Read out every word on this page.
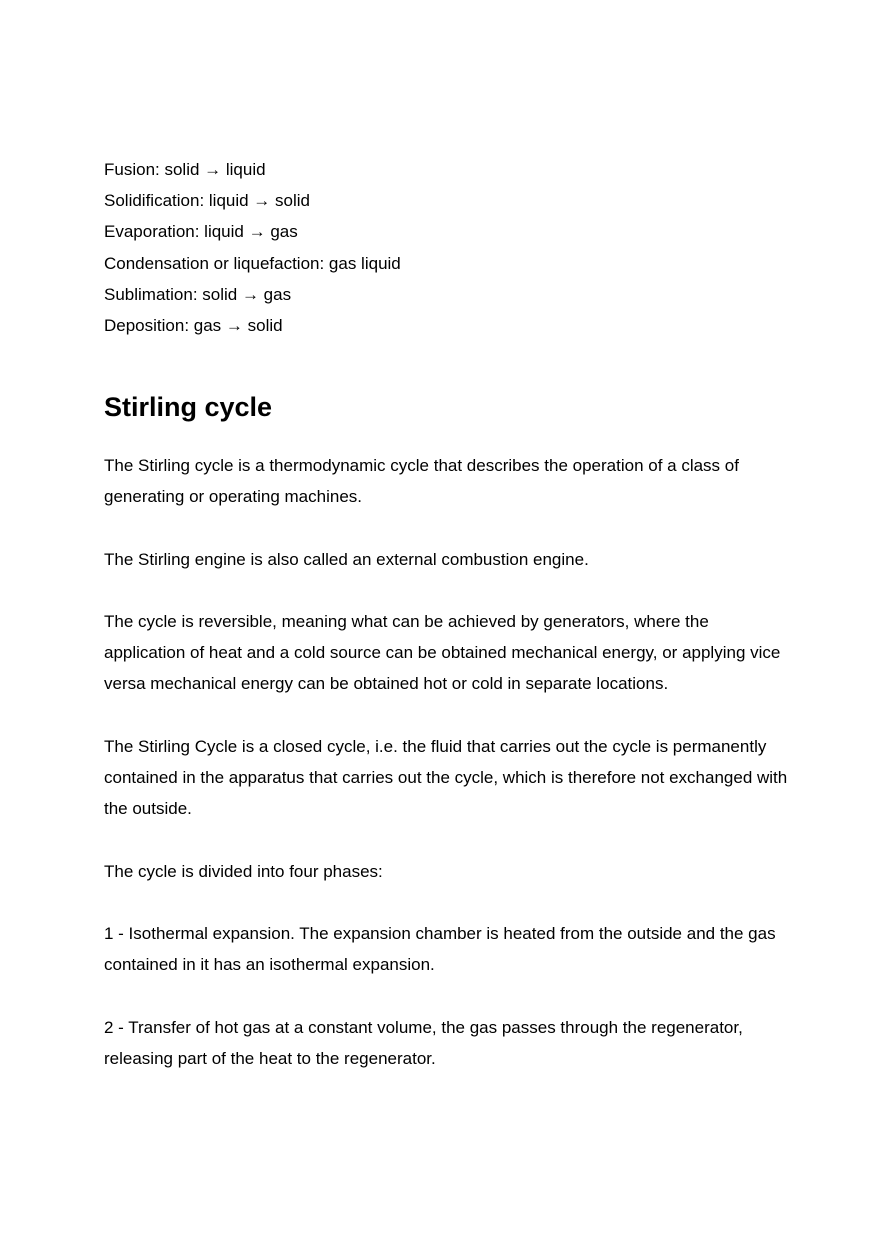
Fusion: solid → liquid

Solidification: liquid → solid

Evaporation: liquid → gas

Condensation or liquefaction: gas liquid

Sublimation: solid → gas

Deposition: gas → solid

Stirling cycle

The Stirling cycle is a thermodynamic cycle that describes the operation of a class of generating or operating machines.

The Stirling engine is also called an external combustion engine.

The cycle is reversible, meaning what can be achieved by generators, where the application of heat and a cold source can be obtained mechanical energy, or applying vice versa mechanical energy can be obtained hot or cold in separate locations.

The Stirling Cycle is a closed cycle, i.e. the fluid that carries out the cycle is permanently contained in the apparatus that carries out the cycle, which is therefore not exchanged with the outside.

The cycle is divided into four phases:

1 - Isothermal expansion. The expansion chamber is heated from the outside and the gas contained in it has an isothermal expansion.

2 - Transfer of hot gas at a constant volume, the gas passes through the regenerator, releasing part of the heat to the regenerator.
